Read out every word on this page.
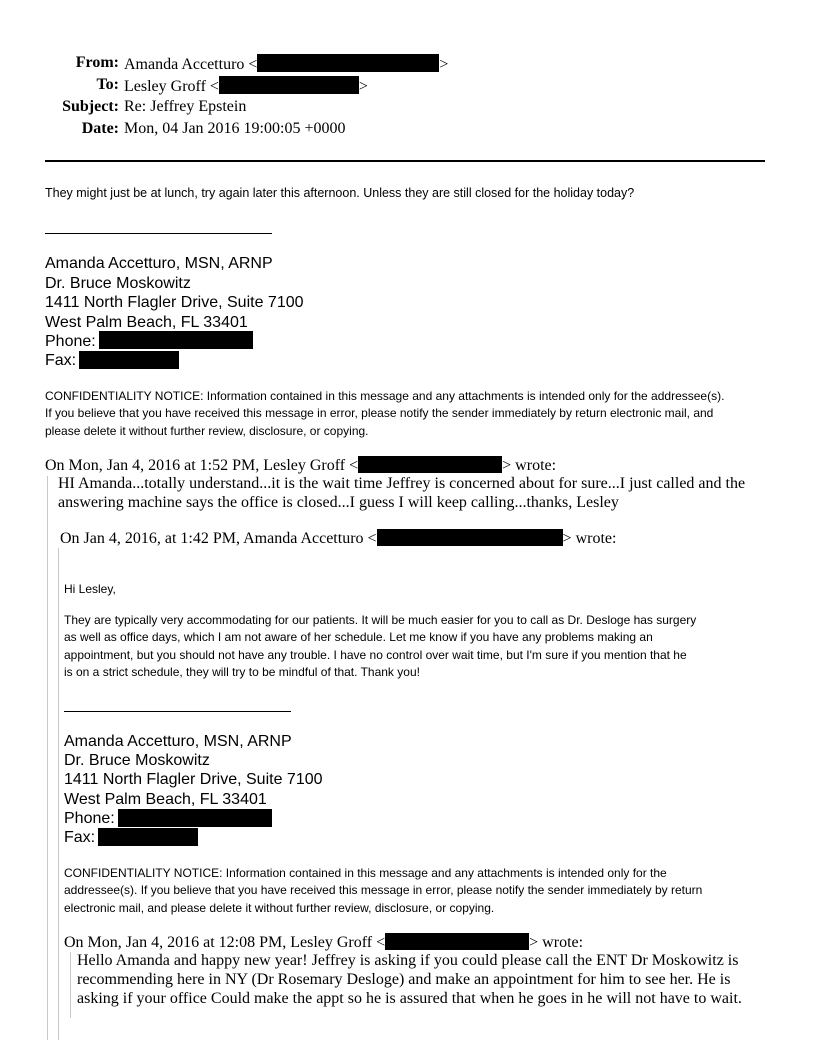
From: Amanda Accetturo <	>
To: Lesley Groff <	>
Subject: Re: Jeffrey Epstein
Date: Mon, 04 Jan 2016 19:00:05 +0000
They might just be at lunch, try again later this afternoon. Unless they are still closed for the holiday today?
Amanda Accetturo, MSN, ARNP
Dr. Bruce Moskowitz
1411 North Flagler Drive, Suite 7100
West Palm Beach, FL 33401
Phone:
Fax:
CONFIDENTIALITY NOTICE: Information contained in this message and any attachments is intended only for the addressee(s).
If you believe that you have received this message in error, please notify the sender immediately by return electronic mail, and
please delete it without further review, disclosure, or copying.
On Mon, Jan 4, 2016 at 1:52 PM, Lesley Groff <	> wrote:
HI Amanda...totally understand...it is the wait time Jeffrey is concerned about for sure...I just called and the
answering machine says the office is closed...I guess I will keep calling...thanks, Lesley
On Jan 4, 2016, at 1:42 PM, Amanda Accetturo <	> wrote:
Hi Lesley,
They are typically very accommodating for our patients. It will be much easier for you to call as Dr. Desloge has surgery
as well as office days, which I am not aware of her schedule. Let me know if you have any problems making an
appointment, but you should not have any trouble. I have no control over wait time, but I'm sure if you mention that he
is on a strict schedule, they will try to be mindful of that. Thank you!
Amanda Accetturo, MSN, ARNP
Dr. Bruce Moskowitz
1411 North Flagler Drive, Suite 7100
West Palm Beach, FL 33401
Phone:
Fax:
CONFIDENTIALITY NOTICE: Information contained in this message and any attachments is intended only for the
addressee(s). If you believe that you have received this message in error, please notify the sender immediately by return
electronic mail, and please delete it without further review, disclosure, or copying.
On Mon, Jan 4, 2016 at 12:08 PM, Lesley Groff <	> wrote:
Hello Amanda and happy new year! Jeffrey is asking if you could please call the ENT Dr Moskowitz is
recommending here in NY (Dr Rosemary Desloge) and make an appointment for him to see her. He is
asking if your office Could make the appt so he is assured that when he goes in he will not have to wait.
